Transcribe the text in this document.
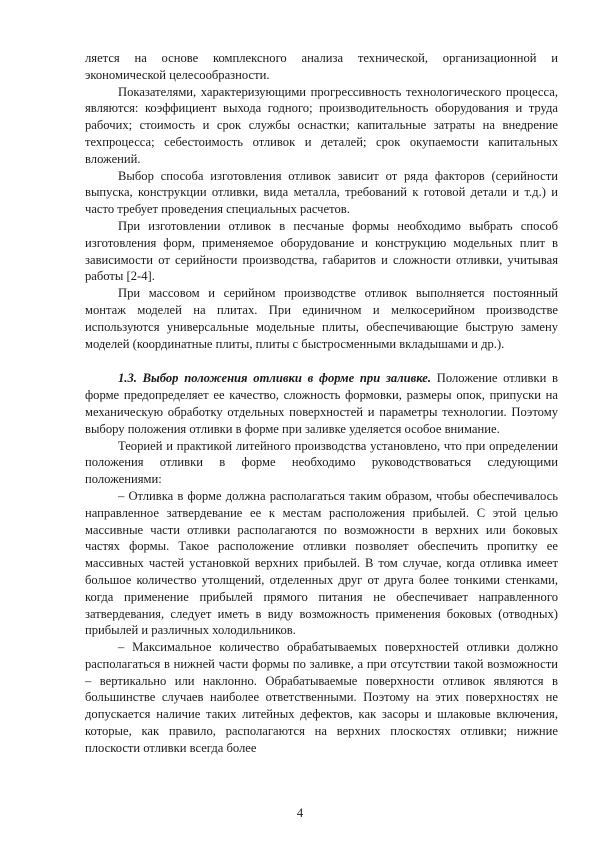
ляется на основе комплексного анализа технической, организационной и экономической целесообразности.

Показателями, характеризующими прогрессивность технологического процесса, являются: коэффициент выхода годного; производительность оборудования и труда рабочих; стоимость и срок службы оснастки; капитальные затраты на внедрение техпроцесса; себестоимость отливок и деталей; срок окупаемости капитальных вложений.

Выбор способа изготовления отливок зависит от ряда факторов (серийности выпуска, конструкции отливки, вида металла, требований к готовой детали и т.д.) и часто требует проведения специальных расчетов.

При изготовлении отливок в песчаные формы необходимо выбрать способ изготовления форм, применяемое оборудование и конструкцию модельных плит в зависимости от серийности производства, габаритов и сложности отливки, учитывая работы [2-4].

При массовом и серийном производстве отливок выполняется постоянный монтаж моделей на плитах. При единичном и мелкосерийном производстве используются универсальные модельные плиты, обеспечивающие быструю замену моделей (координатные плиты, плиты с быстросменными вкладышами и др.).

1.3. Выбор положения отливки в форме при заливке. Положение отливки в форме предопределяет ее качество, сложность формовки, размеры опок, припуски на механическую обработку отдельных поверхностей и параметры технологии. Поэтому выбору положения отливки в форме при заливке уделяется особое внимание.

Теорией и практикой литейного производства установлено, что при определении положения отливки в форме необходимо руководствоваться следующими положениями:

– Отливка в форме должна располагаться таким образом, чтобы обеспечивалось направленное затвердевание ее к местам расположения прибылей. С этой целью массивные части отливки располагаются по возможности в верхних или боковых частях формы. Такое расположение отливки позволяет обеспечить пропитку ее массивных частей установкой верхних прибылей. В том случае, когда отливка имеет большое количество утолщений, отделенных друг от друга более тонкими стенками, когда применение прибылей прямого питания не обеспечивает направленного затвердевания, следует иметь в виду возможность применения боковых (отводных) прибылей и различных холодильников.

– Максимальное количество обрабатываемых поверхностей отливки должно располагаться в нижней части формы по заливке, а при отсутствии такой возможности – вертикально или наклонно. Обрабатываемые поверхности отливок являются в большинстве случаев наиболее ответственными. Поэтому на этих поверхностях не допускается наличие таких литейных дефектов, как засоры и шлаковые включения, которые, как правило, располагаются на верхних плоскостях отливки; нижние плоскости отливки всегда более

4
